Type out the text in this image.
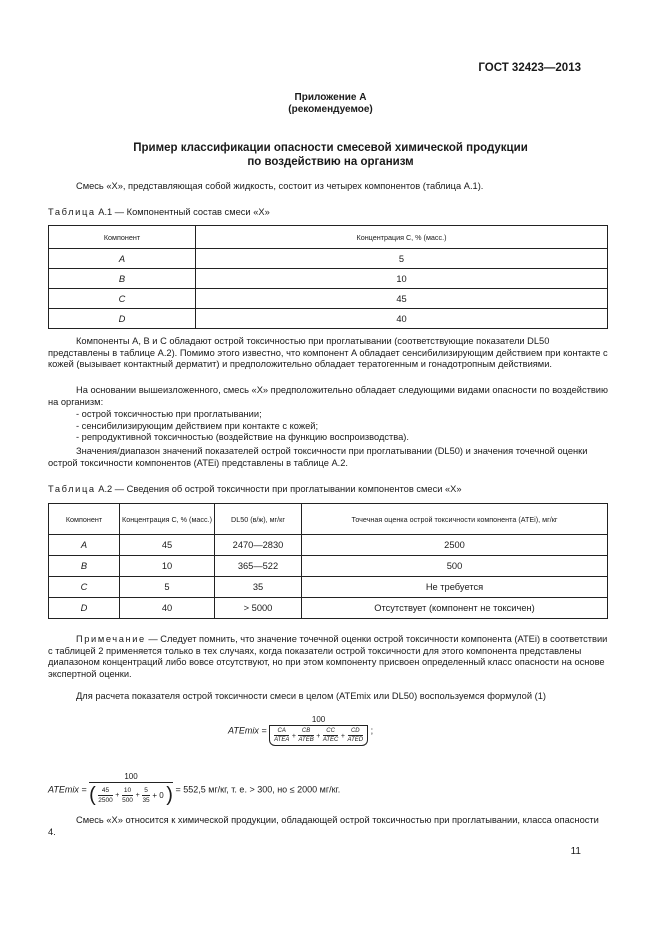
ГОСТ 32423—2013
Приложение А
(рекомендуемое)
Пример классификации опасности смесевой химической продукции
по воздействию на организм
Смесь «X», представляющая собой жидкость, состоит из четырех компонентов (таблица А.1).
Таблица А.1 — Компонентный состав смеси «X»
Компонент	Концентрация С, % (масс.)
A	5
B	10
C	45
D	40
Компоненты A, B и C обладают острой токсичностью при проглатывании (соответствующие показатели DL50 представлены в таблице А.2). Помимо этого известно, что компонент A обладает сенсибилизирующим действием при контакте с кожей (вызывает контактный дерматит) и предположительно обладает тератогенным и гонадотропным действиями.
На основании вышеизложенного, смесь «X» предположительно обладает следующими видами опасности по воздействию на организм:
- острой токсичностью при проглатывании;
- сенсибилизирующим действием при контакте с кожей;
- репродуктивной токсичностью (воздействие на функцию воспроизводства).
Значения/диапазон значений показателей острой токсичности при проглатывании (DL50) и значения точечной оценки острой токсичности компонентов (ATEi) представлены в таблице А.2.
Таблица А.2 — Сведения об острой токсичности при проглатывании компонентов смеси «X»
Компонент	Концентрация С, % (масс.)	DL50 (в/ж), мг/кг	Точечная оценка острой токсичности компонента (ATEi), мг/кг
A	45	2470—2830	2500
B	10	365—522	500
C	5	35	Не требуется
D	40	> 5000	Отсутствует (компонент не токсичен)
Примечание — Следует помнить, что значение точечной оценки острой токсичности компонента (ATEi) в соответствии с таблицей 2 применяется только в тех случаях, когда показатели острой токсичности для этого компонента представлены диапазоном концентраций либо вовсе отсутствуют, но при этом компоненту присвоен определенный класс опасности на основе экспертной оценки.
Для расчета показателя острой токсичности смеси в целом (ATEmix или DL50) воспользуемся формулой (1)
ATEmix =
100
$\frac{CA}{\text{ATEA}} + \frac{CB}{\text{ATEB}} + \frac{CC}{\text{ATEC}} + \frac{CD}{\text{ATED}}$ ;
ATEmix =
100
( $\frac{45}{2500} + \frac{10}{500} + \frac{5}{35} + 0$ ) = 552,5 мг/кг, т. е. > 300, но ≤ 2000 мг/кг.
Смесь «X» относится к химической продукции, обладающей острой токсичностью при проглатывании, класса опасности 4.
11
